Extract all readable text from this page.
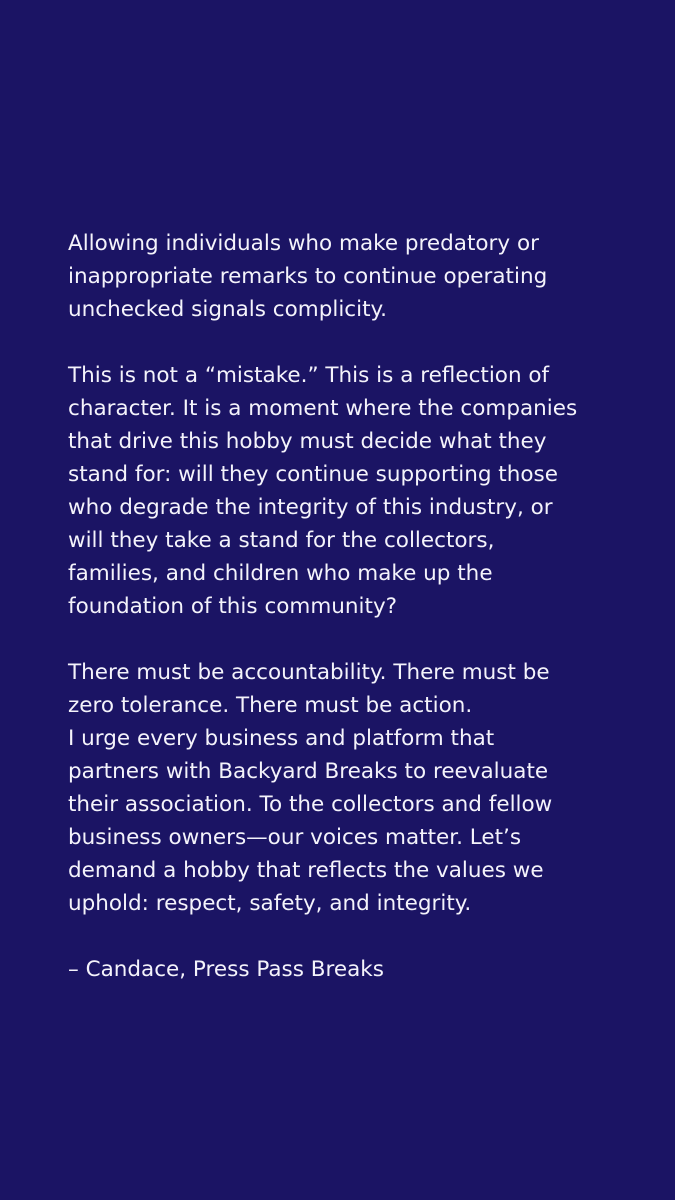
Allowing individuals who make predatory or
inappropriate remarks to continue operating
unchecked signals complicity.

This is not a “mistake.” This is a reflection of
character. It is a moment where the companies
that drive this hobby must decide what they
stand for: will they continue supporting those
who degrade the integrity of this industry, or
will they take a stand for the collectors,
families, and children who make up the
foundation of this community?

There must be accountability. There must be
zero tolerance. There must be action.
I urge every business and platform that
partners with Backyard Breaks to reevaluate
their association. To the collectors and fellow
business owners—our voices matter. Let’s
demand a hobby that reflects the values we
uphold: respect, safety, and integrity.

– Candace, Press Pass Breaks
